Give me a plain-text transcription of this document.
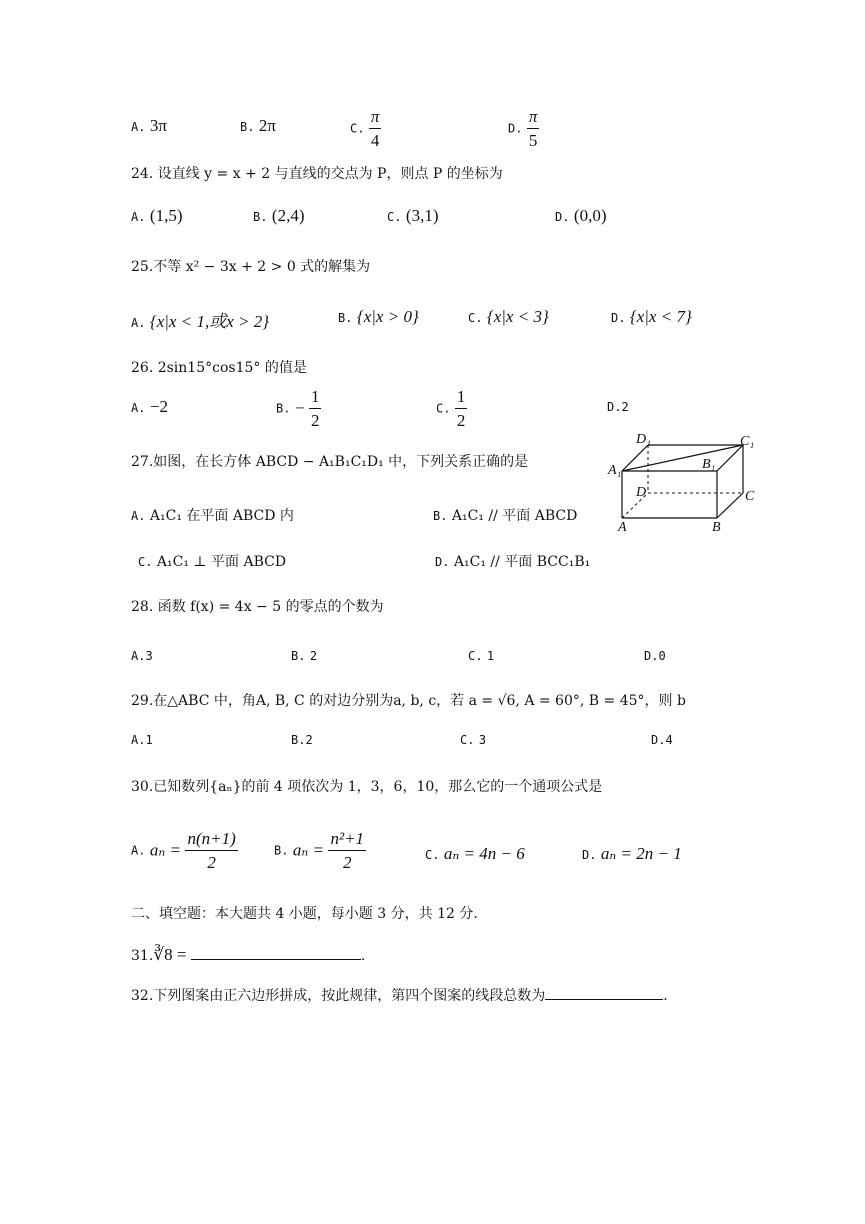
A. 3π	B. 2π	C. $\frac{\pi}{4}$	D. $\frac{\pi}{5}$
24. 设直线 y = x + 2 与直线的交点为 P，则点 P 的坐标为
A. (1,5)	B. (2,4)	C. (3,1)	D. (0,0)
25.不等 x² − 3x + 2 > 0 式的解集为
A. {x|x < 1,或x > 2}	B. {x|x > 0}	C. {x|x < 3}	D. {x|x < 7}
26. 2sin15°cos15° 的值是
A. −2	B. − $\frac{1}{2}$	C. $\frac{1}{2}$	D.2
27.如图，在长方体 ABCD − A₁B₁C₁D₁ 中，下列关系正确的是
D₁	C₁
A₁	B₁
D	C
A	B
A. A₁C₁ 在平面 ABCD 内	B. A₁C₁ // 平面 ABCD
C. A₁C₁ ⊥ 平面 ABCD	D. A₁C₁ // 平面 BCC₁B₁
28. 函数 f(x) = 4x − 5 的零点的个数为
A.3	B. 2	C. 1	D.0
29.在△ABC 中，角A, B, C 的对边分别为a, b, c，若 a = √6, A = 60°, B = 45°，则 b
A.1	B.2	C. 3	D.4
30.已知数列{aₙ}的前 4 项依次为 1，3，6，10，那么它的一个通项公式是
A. $a_n = \frac{n(n+1)}{2}$	B. $a_n = \frac{\text{n²+1}}{2}$	C. aₙ = 4n − 6	D. aₙ = 2n − 1
二、填空题：本大题共 4 小题，每小题 3 分，共 12 分.
31.∛8 =	.
32.下列图案由正六边形拼成，按此规律，第四个图案的线段总数为	.
